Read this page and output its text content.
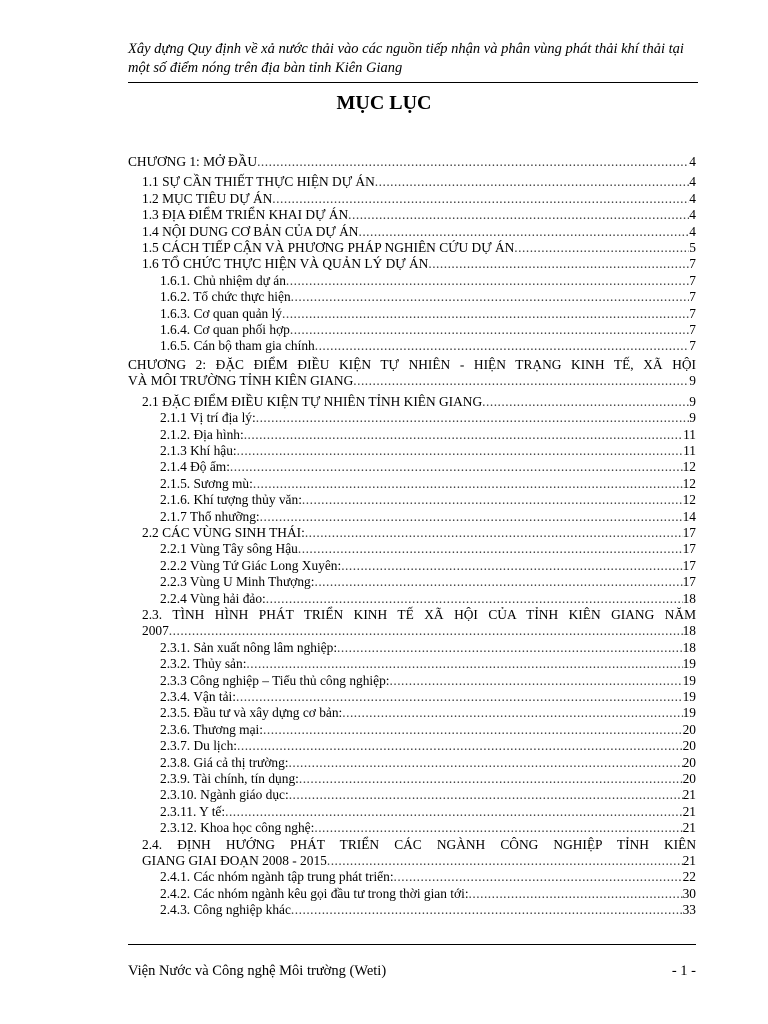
Xây dựng Quy định về xả nước thải vào các nguồn tiếp nhận và phân vùng phát thải khí thải tại một số điểm nóng trên địa bàn tỉnh Kiên Giang
MỤC LỤC
CHƯƠNG 1: MỞ ĐẦU .....	4
1.1 SỰ CẦN THIẾT THỰC HIỆN DỰ ÁN .....	4
1.2 MỤC TIÊU DỰ ÁN .....	4
1.3 ĐỊA ĐIỂM TRIỂN KHAI DỰ ÁN .....	4
1.4 NỘI DUNG CƠ BẢN CỦA DỰ ÁN .....	4
1.5 CÁCH TIẾP CẬN VÀ PHƯƠNG PHÁP NGHIÊN CỨU DỰ ÁN .....	5
1.6 TỔ CHỨC THỰC HIỆN VÀ QUẢN LÝ DỰ ÁN .....	7
1.6.1. Chủ nhiệm dự án .....	7
1.6.2. Tổ chức thực hiện .....	7
1.6.3. Cơ quan quản lý .....	7
1.6.4. Cơ quan phối hợp .....	7
1.6.5. Cán bộ tham gia chính .....	7
CHƯƠNG 2: ĐẶC ĐIỂM ĐIỀU KIỆN TỰ NHIÊN - HIỆN TRẠNG KINH TẾ, XÃ HỘI
VÀ MÔI TRƯỜNG TỈNH KIÊN GIANG .....	9
2.1 ĐẶC ĐIỂM ĐIỀU KIỆN TỰ NHIÊN TỈNH KIÊN GIANG .....	9
2.1.1 Vị trí địa lý: .....	9
2.1.2. Địa hình: .....	11
2.1.3 Khí hậu: .....	11
2.1.4 Độ ẩm: .....	12
2.1.5. Sương mù: .....	12
2.1.6. Khí tượng thủy văn: .....	12
2.1.7 Thổ nhưỡng: .....	14
2.2 CÁC VÙNG SINH THÁI: .....	17
2.2.1 Vùng Tây sông Hậu .....	17
2.2.2 Vùng Tứ Giác Long Xuyên: .....	17
2.2.3 Vùng U Minh Thượng: .....	17
2.2.4 Vùng hải đảo: .....	18
2.3. TÌNH HÌNH PHÁT TRIỂN KINH TẾ XÃ HỘI CỦA TỈNH KIÊN GIANG NĂM
2007 .....	18
2.3.1. Sản xuất nông lâm nghiệp: .....	18
2.3.2. Thủy sản: .....	19
2.3.3 Công nghiệp – Tiểu thủ công nghiệp: .....	19
2.3.4. Vận tải: .....	19
2.3.5. Đầu tư và xây dựng cơ bản: .....	19
2.3.6. Thương mại: .....	20
2.3.7. Du lịch: .....	20
2.3.8. Giá cả thị trường: .....	20
2.3.9. Tài chính, tín dụng: .....	20
2.3.10. Ngành giáo dục: .....	21
2.3.11. Y tế: .....	21
2.3.12. Khoa học công nghệ: .....	21
2.4. ĐỊNH HƯỚNG PHÁT TRIỂN CÁC NGÀNH CÔNG NGHIỆP TỈNH KIÊN
GIANG GIAI ĐOẠN 2008 - 2015 .....	21
2.4.1. Các nhóm ngành tập trung phát triển: .....	22
2.4.2. Các nhóm ngành kêu gọi đầu tư trong thời gian tới: .....	30
2.4.3. Công nghiệp khác .....	33
Viện Nước và Công nghệ Môi trường (Weti)	- 1 -
